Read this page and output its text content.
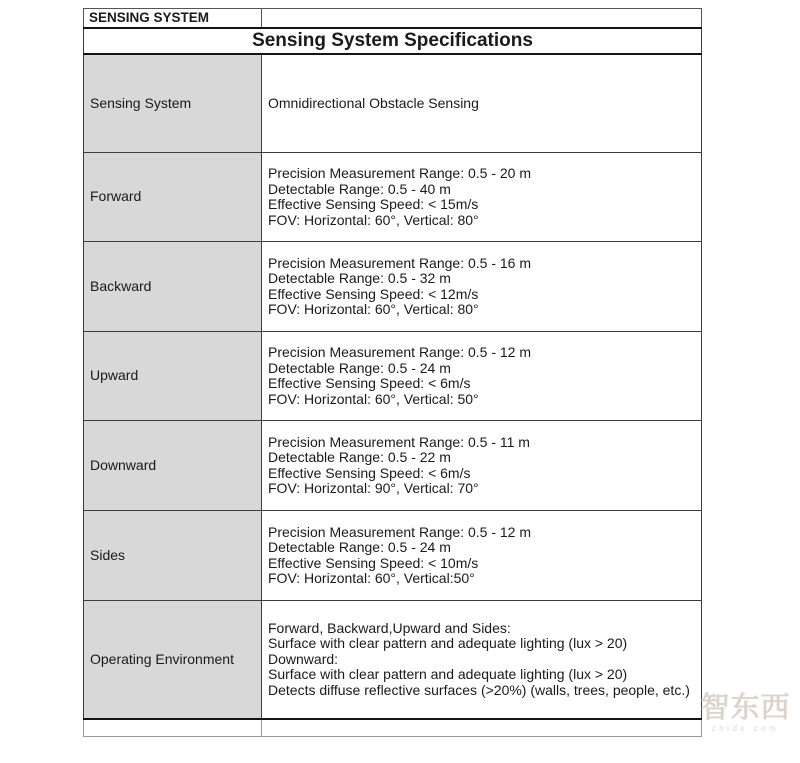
SENSING SYSTEM	
Sensing System Specifications	
Sensing System	Omnidirectional Obstacle Sensing

Forward	Precision Measurement Range: 0.5 - 20 m
Detectable Range: 0.5 - 40 m
Effective Sensing Speed: < 15m/s
FOV: Horizontal: 60°, Vertical: 80°

Backward	Precision Measurement Range: 0.5 - 16 m
Detectable Range: 0.5 - 32 m
Effective Sensing Speed: < 12m/s
FOV: Horizontal: 60°, Vertical: 80°

Upward	Precision Measurement Range: 0.5 - 12 m
Detectable Range: 0.5 - 24 m
Effective Sensing Speed: < 6m/s
FOV: Horizontal: 60°, Vertical: 50°

Downward	Precision Measurement Range: 0.5 - 11 m
Detectable Range: 0.5 - 22 m
Effective Sensing Speed: < 6m/s
FOV: Horizontal: 90°, Vertical: 70°

Sides	Precision Measurement Range: 0.5 - 12 m
Detectable Range: 0.5 - 24 m
Effective Sensing Speed: < 10m/s
FOV: Horizontal: 60°, Vertical:50°

Operating Environment	Forward, Backward,Upward and Sides:
Surface with clear pattern and adequate lighting (lux > 20)
Downward:
Surface with clear pattern and adequate lighting (lux > 20)
Detects diffuse reflective surfaces (>20%) (walls, trees, people, etc.)

智东西
zhidx.com
